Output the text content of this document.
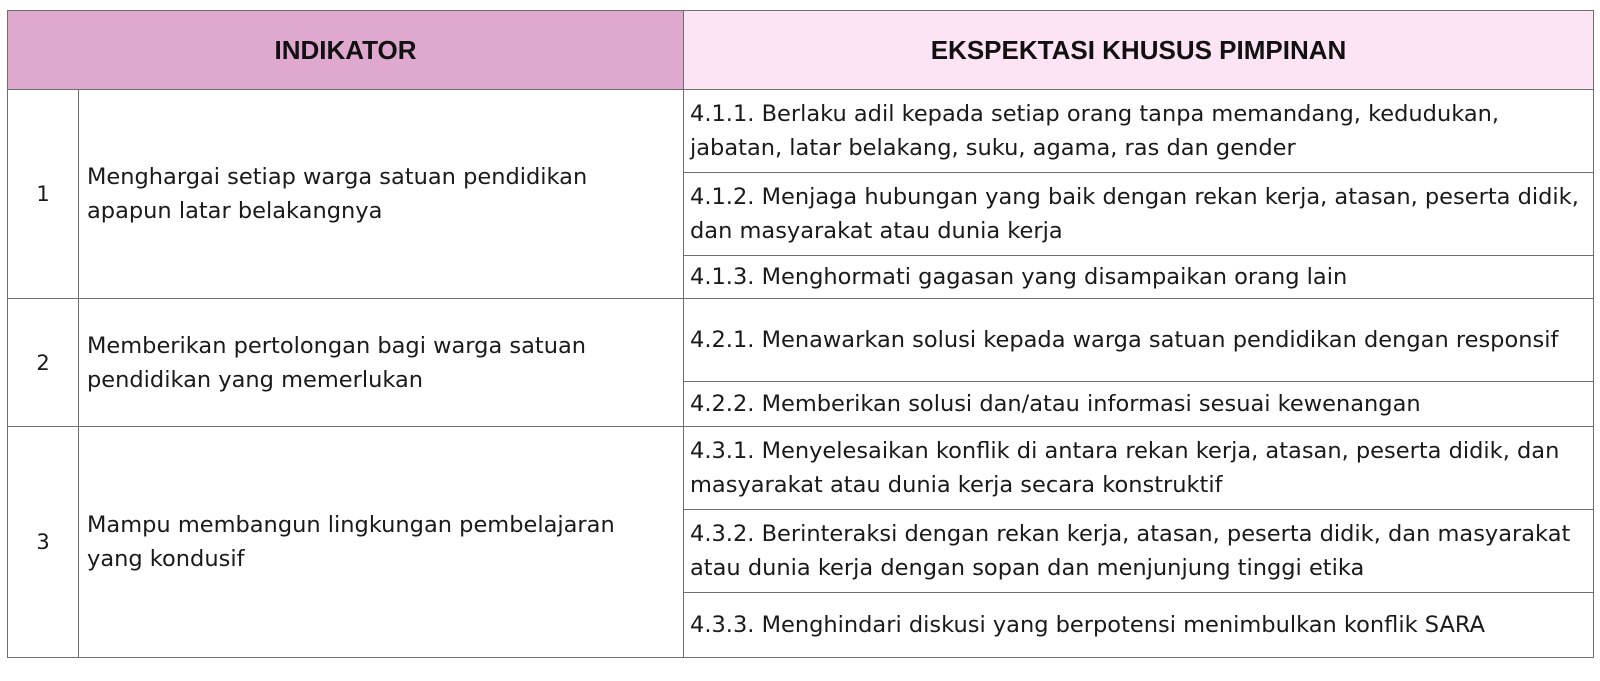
INDIKATOR		EKSPEKTASI KHUSUS PIMPINAN
1	Menghargai setiap warga satuan pendidikan apapun latar belakangnya	4.1.1. Berlaku adil kepada setiap orang tanpa memandang, kedudukan, jabatan, latar belakang, suku, agama, ras dan gender
		4.1.2. Menjaga hubungan yang baik dengan rekan kerja, atasan, peserta didik, dan masyarakat atau dunia kerja
		4.1.3. Menghormati gagasan yang disampaikan orang lain
2	Memberikan pertolongan bagi warga satuan pendidikan yang memerlukan	4.2.1. Menawarkan solusi kepada warga satuan pendidikan dengan responsif
		4.2.2. Memberikan solusi dan/atau informasi sesuai kewenangan
3	Mampu membangun lingkungan pembelajaran yang kondusif	4.3.1. Menyelesaikan konflik di antara rekan kerja, atasan, peserta didik, dan masyarakat atau dunia kerja secara konstruktif
		4.3.2. Berinteraksi dengan rekan kerja, atasan, peserta didik, dan masyarakat atau dunia kerja dengan sopan dan menjunjung tinggi etika
		4.3.3. Menghindari diskusi yang berpotensi menimbulkan konflik SARA
